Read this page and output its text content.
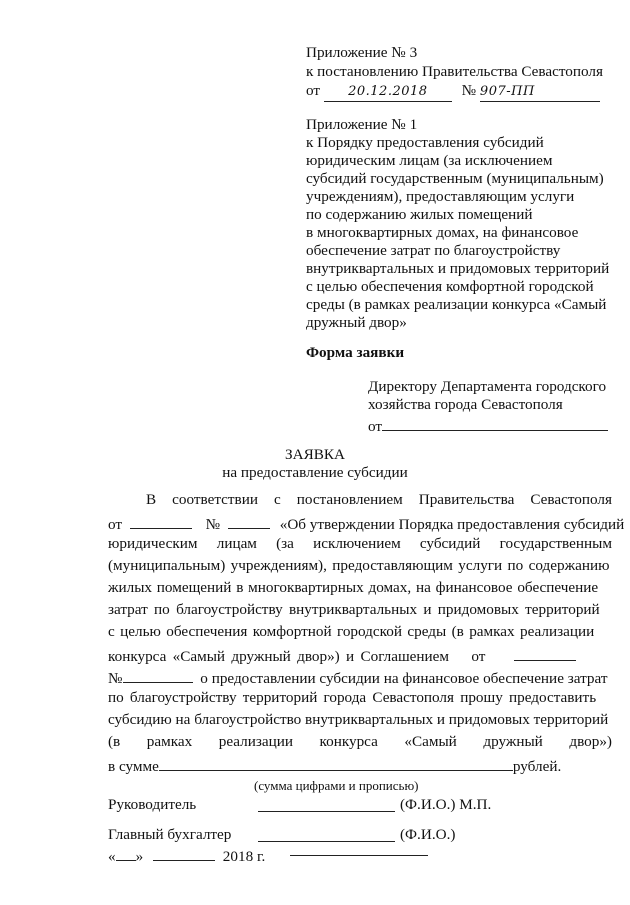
Приложение № 3
к постановлению Правительства Севастополя
от 20.12.2018 № 907-ПП
Приложение № 1
к Порядку предоставления субсидий
юридическим лицам (за исключением
субсидий государственным (муниципальным)
учреждениям), предоставляющим услуги
по содержанию жилых помещений
в многоквартирных домах, на финансовое
обеспечение затрат по благоустройству
внутриквартальных и придомовых территорий
с целью обеспечения комфортной городской
среды (в рамках реализации конкурса «Самый
дружный двор»
Форма заявки
Директору Департамента городского
хозяйства города Севастополя
от
ЗАЯВКА
на предоставление субсидии
В соответствии с постановлением Правительства Севастополя
от	№	«Об утверждении Порядка предоставления субсидий
юридическим лицам (за исключением субсидий государственным
(муниципальным) учреждениям), предоставляющим услуги по содержанию
жилых помещений в многоквартирных домах, на финансовое обеспечение
затрат по благоустройству внутриквартальных и придомовых территорий
с целью обеспечения комфортной городской среды (в рамках реализации
конкурса «Самый дружный двор») и Соглашением от
№	о предоставлении субсидии на финансовое обеспечение затрат
по благоустройству территорий города Севастополя прошу предоставить
субсидию на благоустройство внутриквартальных и придомовых территорий
(в рамках реализации конкурса «Самый дружный двор»)
в сумме	рублей.
(сумма цифрами и прописью)
Руководитель	(Ф.И.О.) М.П.
Главный бухгалтер	(Ф.И.О.)
« »	2018 г.
